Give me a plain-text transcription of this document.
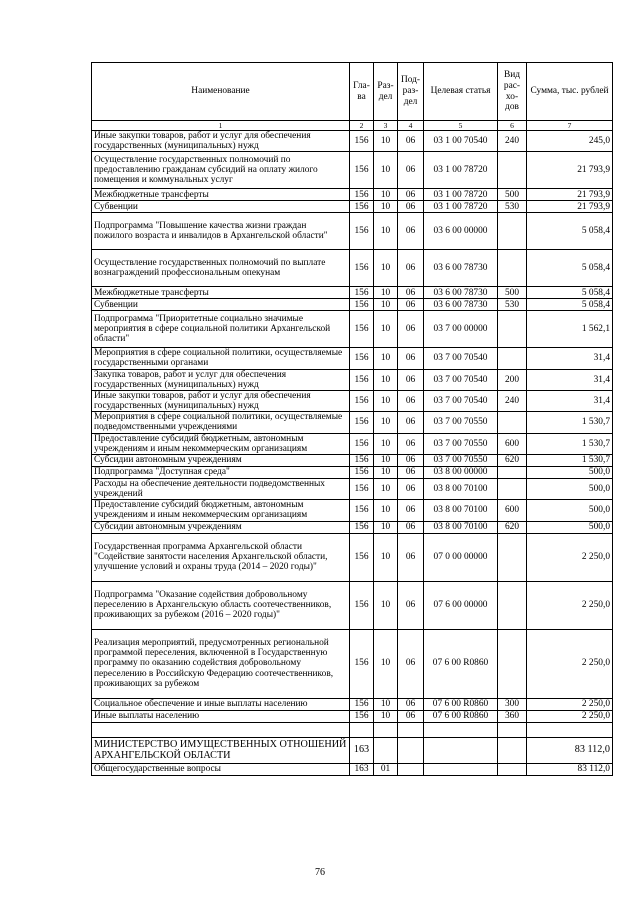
Наименование	Гла-ва	Раз-дел	Под-раз-дел	Целевая статья	Вид рас-хо-дов	Сумма, тыс. рублей
1	2	3	4	5	6	7
Иные закупки товаров, работ и услуг для обеспечения государственных (муниципальных) нужд	156	10	06	03 1 00 70540	240	245,0
Осуществление государственных полномочий по предоставлению гражданам субсидий на оплату жилого помещения и коммунальных услуг	156	10	06	03 1 00 78720		21 793,9
Межбюджетные трансферты	156	10	06	03 1 00 78720	500	21 793,9
Субвенции	156	10	06	03 1 00 78720	530	21 793,9
Подпрограмма "Повышение качества жизни граждан пожилого возраста и инвалидов в Архангельской области"	156	10	06	03 6 00 00000		5 058,4
Осуществление государственных полномочий по выплате вознаграждений профессиональным опекунам	156	10	06	03 6 00 78730		5 058,4
Межбюджетные трансферты	156	10	06	03 6 00 78730	500	5 058,4
Субвенции	156	10	06	03 6 00 78730	530	5 058,4
Подпрограмма "Приоритетные социально значимые мероприятия в сфере социальной политики Архангельской области"	156	10	06	03 7 00 00000		1 562,1
Мероприятия в сфере социальной политики, осуществляемые государственными органами	156	10	06	03 7 00 70540		31,4
Закупка товаров, работ и услуг для обеспечения государственных (муниципальных) нужд	156	10	06	03 7 00 70540	200	31,4
Иные закупки товаров, работ и услуг для обеспечения государственных (муниципальных) нужд	156	10	06	03 7 00 70540	240	31,4
Мероприятия в сфере социальной политики, осуществляемые подведомственными учреждениями	156	10	06	03 7 00 70550		1 530,7
Предоставление субсидий бюджетным, автономным учреждениям и иным некоммерческим организациям	156	10	06	03 7 00 70550	600	1 530,7
Субсидии автономным учреждениям	156	10	06	03 7 00 70550	620	1 530,7
Подпрограмма "Доступная среда"	156	10	06	03 8 00 00000		500,0
Расходы на обеспечение деятельности подведомственных учреждений	156	10	06	03 8 00 70100		500,0
Предоставление субсидий бюджетным, автономным учреждениям и иным некоммерческим организациям	156	10	06	03 8 00 70100	600	500,0
Субсидии автономным учреждениям	156	10	06	03 8 00 70100	620	500,0
Государственная программа Архангельской области "Содействие занятости населения Архангельской области, улучшение условий и охраны труда (2014 – 2020 годы)"	156	10	06	07 0 00 00000		2 250,0
Подпрограмма "Оказание содействия добровольному переселению в Архангельскую область соотечественников, проживающих за рубежом (2016 – 2020 годы)"	156	10	06	07 6 00 00000		2 250,0
Реализация мероприятий, предусмотренных региональной программой переселения, включенной в Государственную программу по оказанию содействия добровольному переселению в Российскую Федерацию соотечественников, проживающих за рубежом	156	10	06	07 6 00 R0860		2 250,0
Социальное обеспечение и иные выплаты населению	156	10	06	07 6 00 R0860	300	2 250,0
Иные выплаты населению	156	10	06	07 6 00 R0860	360	2 250,0

МИНИСТЕРСТВО ИМУЩЕСТВЕННЫХ ОТНОШЕНИЙ АРХАНГЕЛЬСКОЙ ОБЛАСТИ	163					83 112,0
Общегосударственные вопросы	163	01				83 112,0
76
